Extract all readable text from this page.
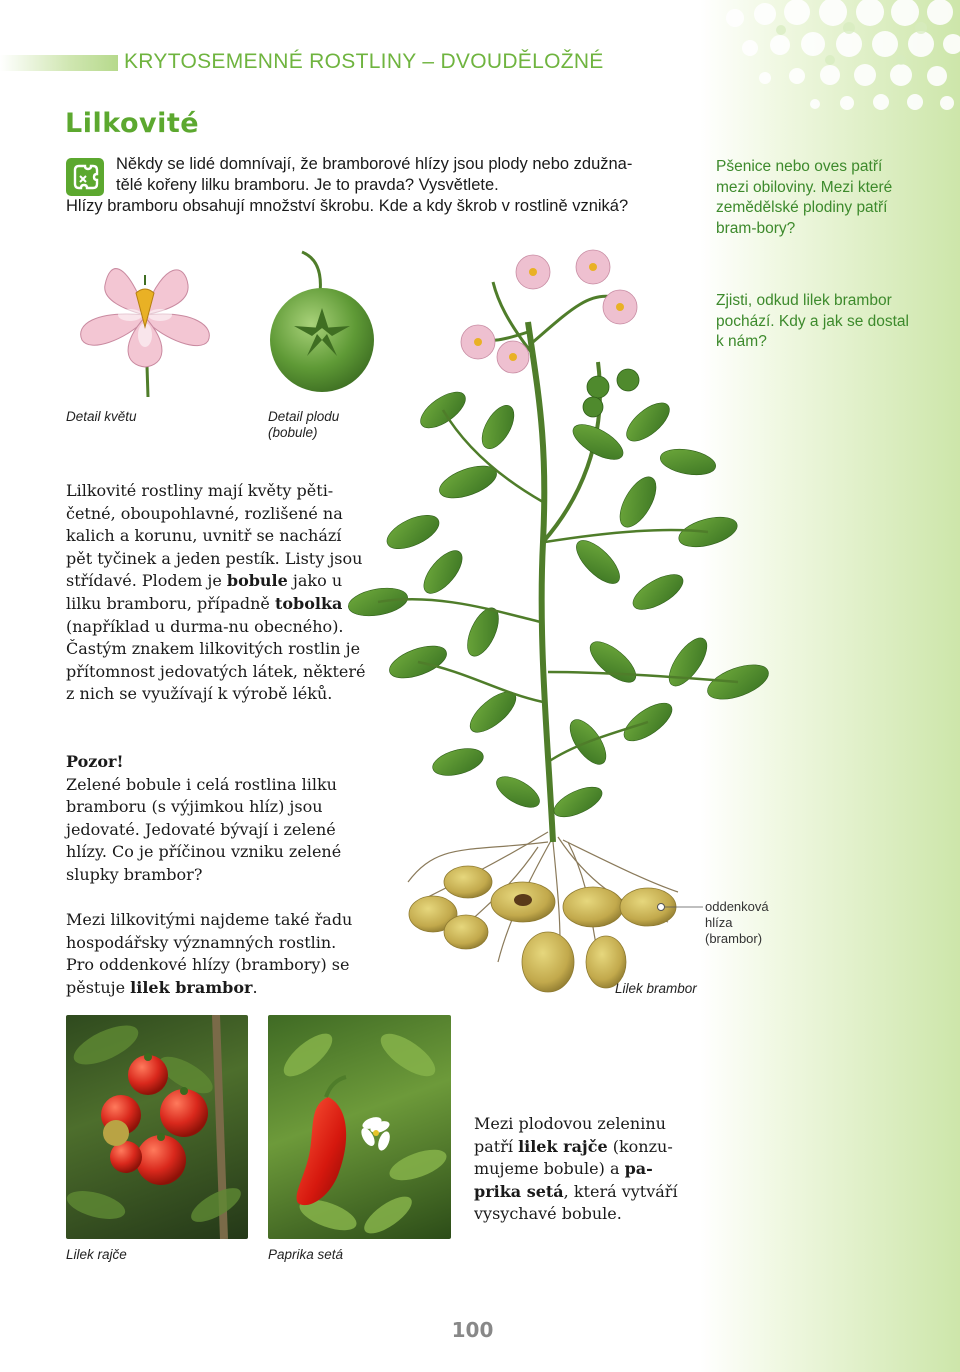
KRYTOSEMENNÉ ROSTLINY – DVOUDĚLOŽNÉ
Lilkovité
Někdy se lidé domnívají, že bramborové hlízy jsou plody nebo zdužna-
tělé kořeny lilku bramboru. Je to pravda? Vysvětlete.
Hlízy bramboru obsahují množství škrobu. Kde a kdy škrob v rostlině vzniká?
Pšenice nebo oves patří mezi obiloviny. Mezi které zemědělské plodiny patří bram-bory?
Zjisti, odkud lilek brambor pochází. Kdy a jak se dostal k nám?
Detail květu	Detail plodu (bobule)
Lilek brambor
oddenková hlíza (brambor)
Lilkovité rostliny mají květy pěti-četné, oboupohlavné, rozlišené na kalich a korunu, uvnitř se nachází pět tyčinek a jeden pestík. Listy jsou střídavé. Plodem je bobule jako u lilku bramboru, případně tobolka (například u durma-nu obecného). Častým znakem lilkovitých rostlin je přítomnost jedovatých látek, některé z nich se využívají k výrobě léků.
Pozor!
Zelené bobule i celá rostlina lilku bramboru (s výjimkou hlíz) jsou jedovaté. Jedovaté bývají i zelené hlízy. Co je příčinou vzniku zelené slupky brambor?
Mezi lilkovitými najdeme také řadu hospodářsky významných rostlin. Pro oddenkové hlízy (brambory) se pěstuje lilek brambor.
Lilek rajče	Paprika setá
Mezi plodovou zeleninu patří lilek rajče (konzu-mujeme bobule) a pa-prika setá, která vytváří vysychavé bobule.
100
